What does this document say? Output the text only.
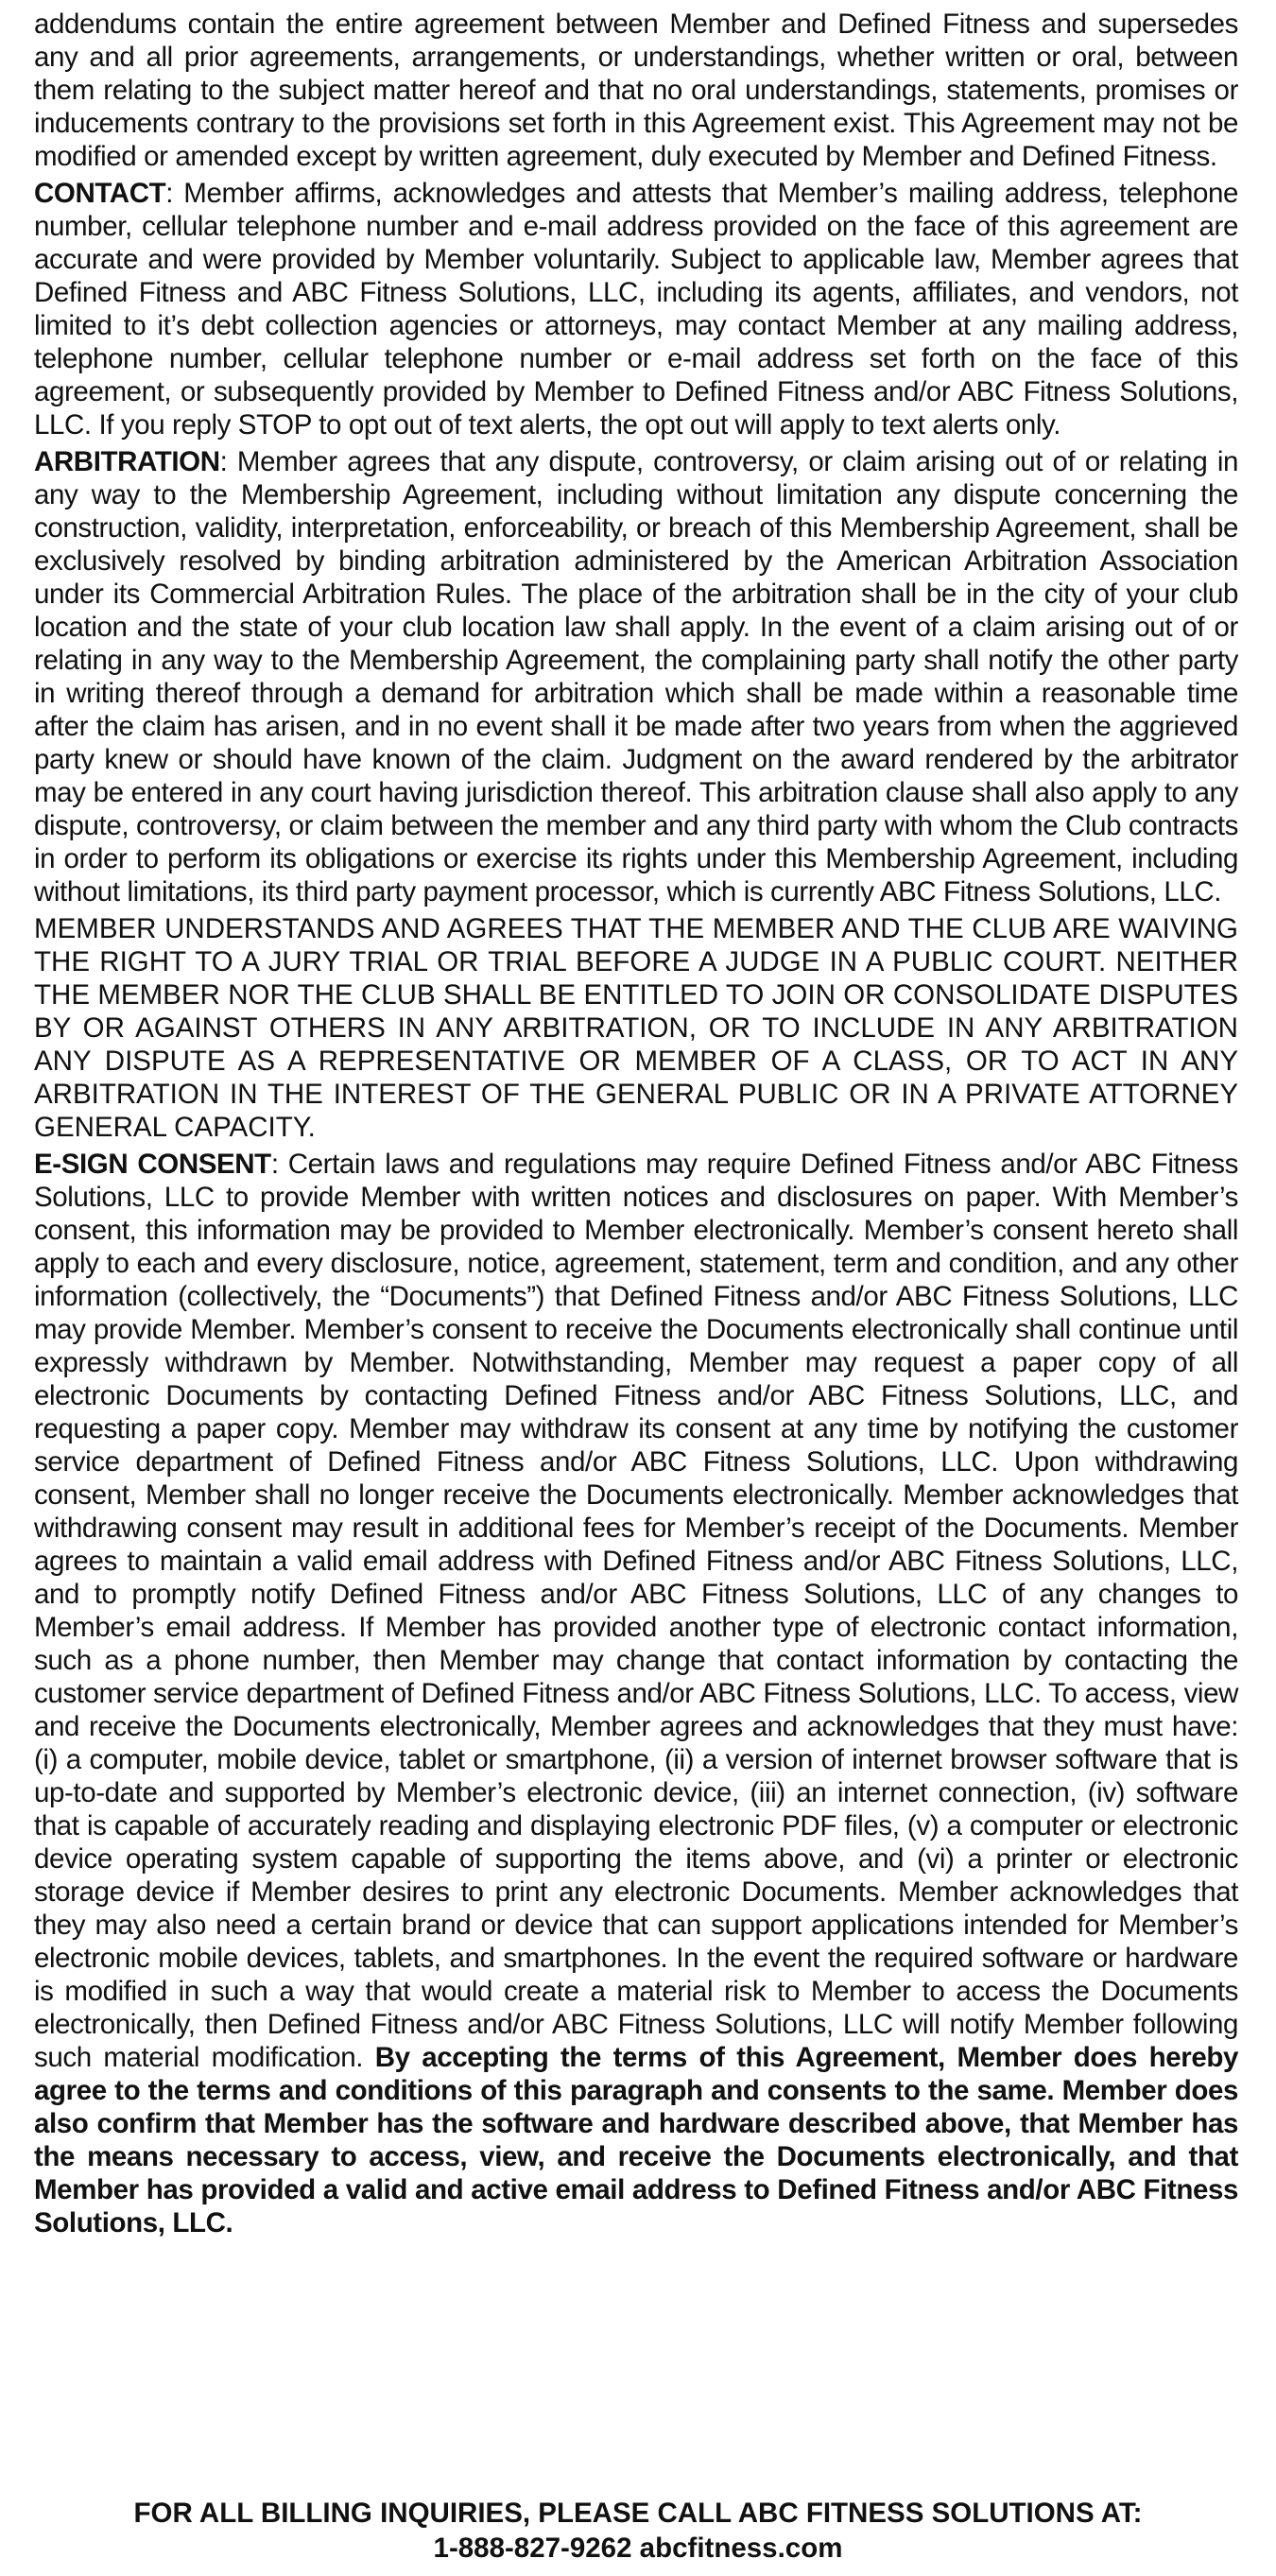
addendums contain the entire agreement between Member and Defined Fitness and supersedes any and all prior agreements, arrangements, or understandings, whether written or oral, between them relating to the subject matter hereof and that no oral understandings, statements, promises or inducements contrary to the provisions set forth in this Agreement exist. This Agreement may not be modified or amended except by written agreement, duly executed by Member and Defined Fitness.

CONTACT: Member affirms, acknowledges and attests that Member’s mailing address, telephone number, cellular telephone number and e-mail address provided on the face of this agreement are accurate and were provided by Member voluntarily. Subject to applicable law, Member agrees that Defined Fitness and ABC Fitness Solutions, LLC, including its agents, affiliates, and vendors, not limited to it’s debt collection agencies or attorneys, may contact Member at any mailing address, telephone number, cellular telephone number or e-mail address set forth on the face of this agreement, or subsequently provided by Member to Defined Fitness and/or ABC Fitness Solutions, LLC. If you reply STOP to opt out of text alerts, the opt out will apply to text alerts only.

ARBITRATION: Member agrees that any dispute, controversy, or claim arising out of or relating in any way to the Membership Agreement, including without limitation any dispute concerning the construction, validity, interpretation, enforceability, or breach of this Membership Agreement, shall be exclusively resolved by binding arbitration administered by the American Arbitration Association under its Commercial Arbitration Rules. The place of the arbitration shall be in the city of your club location and the state of your club location law shall apply. In the event of a claim arising out of or relating in any way to the Membership Agreement, the complaining party shall notify the other party in writing thereof through a demand for arbitration which shall be made within a reasonable time after the claim has arisen, and in no event shall it be made after two years from when the aggrieved party knew or should have known of the claim. Judgment on the award rendered by the arbitrator may be entered in any court having jurisdiction thereof. This arbitration clause shall also apply to any dispute, controversy, or claim between the member and any third party with whom the Club contracts in order to perform its obligations or exercise its rights under this Membership Agreement, including without limitations, its third party payment processor, which is currently ABC Fitness Solutions, LLC.

MEMBER UNDERSTANDS AND AGREES THAT THE MEMBER AND THE CLUB ARE WAIVING THE RIGHT TO A JURY TRIAL OR TRIAL BEFORE A JUDGE IN A PUBLIC COURT. NEITHER THE MEMBER NOR THE CLUB SHALL BE ENTITLED TO JOIN OR CONSOLIDATE DISPUTES BY OR AGAINST OTHERS IN ANY ARBITRATION, OR TO INCLUDE IN ANY ARBITRATION ANY DISPUTE AS A REPRESENTATIVE OR MEMBER OF A CLASS, OR TO ACT IN ANY ARBITRATION IN THE INTEREST OF THE GENERAL PUBLIC OR IN A PRIVATE ATTORNEY GENERAL CAPACITY.

E-SIGN CONSENT: Certain laws and regulations may require Defined Fitness and/or ABC Fitness Solutions, LLC to provide Member with written notices and disclosures on paper. With Member’s consent, this information may be provided to Member electronically. Member’s consent hereto shall apply to each and every disclosure, notice, agreement, statement, term and condition, and any other information (collectively, the “Documents”) that Defined Fitness and/or ABC Fitness Solutions, LLC may provide Member. Member’s consent to receive the Documents electronically shall continue until expressly withdrawn by Member. Notwithstanding, Member may request a paper copy of all electronic Documents by contacting Defined Fitness and/or ABC Fitness Solutions, LLC, and requesting a paper copy. Member may withdraw its consent at any time by notifying the customer service department of Defined Fitness and/or ABC Fitness Solutions, LLC. Upon withdrawing consent, Member shall no longer receive the Documents electronically. Member acknowledges that withdrawing consent may result in additional fees for Member’s receipt of the Documents. Member agrees to maintain a valid email address with Defined Fitness and/or ABC Fitness Solutions, LLC, and to promptly notify Defined Fitness and/or ABC Fitness Solutions, LLC of any changes to Member’s email address. If Member has provided another type of electronic contact information, such as a phone number, then Member may change that contact information by contacting the customer service department of Defined Fitness and/or ABC Fitness Solutions, LLC. To access, view and receive the Documents electronically, Member agrees and acknowledges that they must have: (i) a computer, mobile device, tablet or smartphone, (ii) a version of internet browser software that is up-to-date and supported by Member’s electronic device, (iii) an internet connection, (iv) software that is capable of accurately reading and displaying electronic PDF files, (v) a computer or electronic device operating system capable of supporting the items above, and (vi) a printer or electronic storage device if Member desires to print any electronic Documents. Member acknowledges that they may also need a certain brand or device that can support applications intended for Member’s electronic mobile devices, tablets, and smartphones. In the event the required software or hardware is modified in such a way that would create a material risk to Member to access the Documents electronically, then Defined Fitness and/or ABC Fitness Solutions, LLC will notify Member following such material modification. By accepting the terms of this Agreement, Member does hereby agree to the terms and conditions of this paragraph and consents to the same. Member does also confirm that Member has the software and hardware described above, that Member has the means necessary to access, view, and receive the Documents electronically, and that Member has provided a valid and active email address to Defined Fitness and/or ABC Fitness Solutions, LLC.

FOR ALL BILLING INQUIRIES, PLEASE CALL ABC FITNESS SOLUTIONS AT:
1-888-827-9262 abcfitness.com
